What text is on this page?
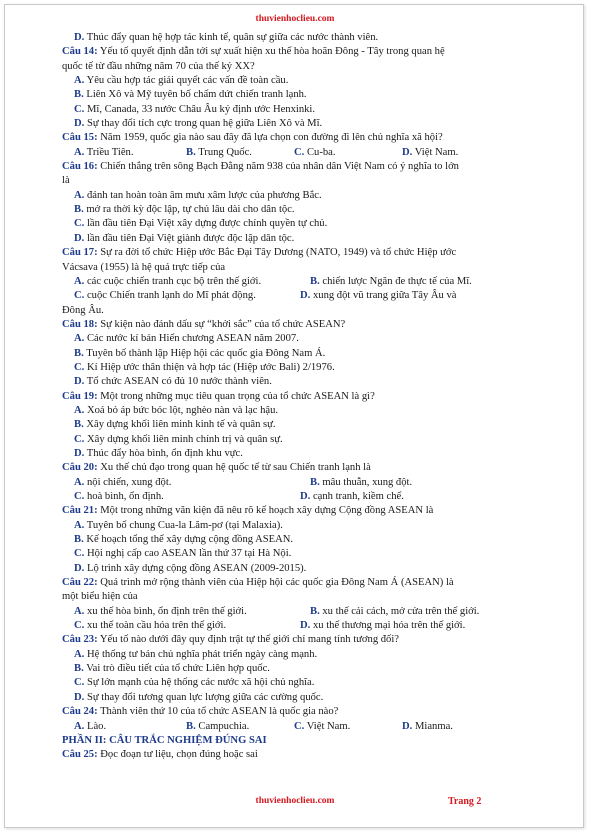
thuvienhoclieu.com
D. Thúc đẩy quan hệ hợp tác kinh tế, quân sự giữa các nước thành viên.
Câu 14: Yếu tố quyết định dẫn tới sự xuất hiện xu thế hòa hoãn Đông - Tây trong quan hệ
quốc tế từ đầu những năm 70 của thế kỷ XX?
A. Yêu cầu hợp tác giải quyết các vấn đề toàn cầu.
B. Liên Xô và Mỹ tuyên bố chấm dứt chiến tranh lạnh.
C. Mĩ, Canada, 33 nước Châu Âu ký định ước Henxinki.
D. Sự thay đổi tích cực trong quan hệ giữa Liên Xô và Mĩ.
Câu 15: Năm 1959, quốc gia nào sau đây đã lựa chọn con đường đi lên chủ nghĩa xã hội?
A. Triều Tiên.	B. Trung Quốc.	C. Cu-ba.	D. Việt Nam.
Câu 16: Chiến thắng trên sông Bạch Đằng năm 938 của nhân dân Việt Nam có ý nghĩa to lớn
là
A. đánh tan hoàn toàn âm mưu xâm lược của phương Bắc.
B. mở ra thời kỳ độc lập, tự chủ lâu dài cho dân tộc.
C. lần đầu tiên Đại Việt xây dựng được chính quyền tự chủ.
D. lần đầu tiên Đại Việt giành được độc lập dân tộc.
Câu 17: Sự ra đời tổ chức Hiệp ước Bắc Đại Tây Dương (NATO, 1949) và tổ chức Hiệp ước
Vácsava (1955) là hệ quả trực tiếp của
A. các cuộc chiến tranh cục bộ trên thế giới.	B. chiến lược Ngăn đe thực tế của Mĩ.
C. cuộc Chiến tranh lạnh do Mĩ phát động.	D. xung đột vũ trang giữa Tây Âu và
Đông Âu.
Câu 18: Sự kiện nào đánh dấu sự “khởi sắc” của tổ chức ASEAN?
A. Các nước kí bản Hiến chương ASEAN năm 2007.
B. Tuyên bố thành lập Hiệp hội các quốc gia Đông Nam Á.
C. Kí Hiệp ước thân thiện và hợp tác (Hiệp ước Bali) 2/1976.
D. Tổ chức ASEAN có đủ 10 nước thành viên.
Câu 19: Một trong những mục tiêu quan trọng của tổ chức ASEAN là gì?
A. Xoá bỏ áp bức bóc lột, nghèo nàn và lạc hậu.
B. Xây dựng khối liên minh kinh tế và quân sự.
C. Xây dựng khối liên minh chính trị và quân sự.
D. Thúc đẩy hòa bình, ổn định khu vực.
Câu 20: Xu thế chủ đạo trong quan hệ quốc tế từ sau Chiến tranh lạnh là
A. nội chiến, xung đột.	B. mâu thuẫn, xung đột.
C. hoà bình, ổn định.	D. cạnh tranh, kiềm chế.
Câu 21: Một trong những văn kiện đã nêu rõ kế hoạch xây dựng Cộng đồng ASEAN là
A. Tuyên bố chung Cua-la Lăm-pơ (tại Malaxia).
B. Kế hoạch tổng thể xây dựng cộng đồng ASEAN.
C. Hội nghị cấp cao ASEAN lần thứ 37 tại Hà Nội.
D. Lộ trình xây dựng cộng đồng ASEAN (2009-2015).
Câu 22: Quá trình mở rộng thành viên của Hiệp hội các quốc gia Đông Nam Á (ASEAN) là
một biểu hiện của
A. xu thế hòa bình, ổn định trên thế giới.	B. xu thế cải cách, mở cửa trên thế giới.
C. xu thế toàn cầu hóa trên thế giới.	D. xu thế thương mại hóa trên thế giới.
Câu 23: Yếu tố nào dưới đây quy định trật tự thế giới chỉ mang tính tương đối?
A. Hệ thống tư bản chủ nghĩa phát triển ngày càng mạnh.
B. Vai trò điều tiết của tổ chức Liên hợp quốc.
C. Sự lớn mạnh của hệ thống các nước xã hội chủ nghĩa.
D. Sự thay đổi tương quan lực lượng giữa các cường quốc.
Câu 24: Thành viên thứ 10 của tổ chức ASEAN là quốc gia nào?
A. Lào.	B. Campuchia.	C. Việt Nam.	D. Mianma.
PHẦN II: CÂU TRẮC NGHIỆM ĐÚNG SAI
Câu 25: Đọc đoạn tư liệu, chọn đúng hoặc sai
thuvienhoclieu.com	Trang 2
